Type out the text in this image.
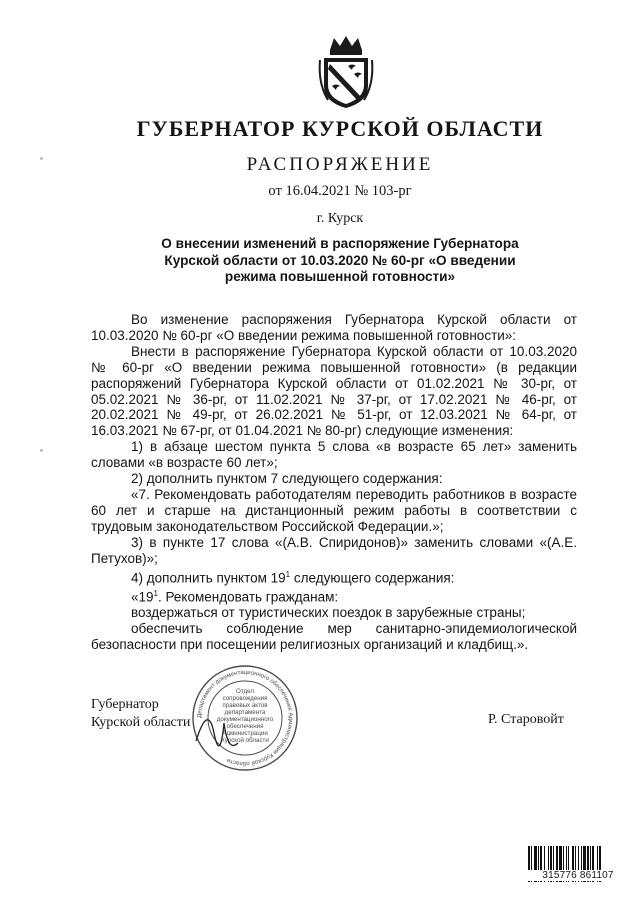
ГУБЕРНАТОР КУРСКОЙ ОБЛАСТИ
РАСПОРЯЖЕНИЕ
от 16.04.2021 № 103-рг
г. Курск
О внесении изменений в распоряжение Губернатора
Курской области от 10.03.2020 № 60-рг «О введении
режима повышенной готовности»

Во изменение распоряжения Губернатора Курской области от 10.03.2020 № 60-рг «О введении режима повышенной готовности»:

Внести в распоряжение Губернатора Курской области от 10.03.2020 № 60-рг «О введении режима повышенной готовности» (в редакции распоряжений Губернатора Курской области от 01.02.2021 № 30-рг, от 05.02.2021 № 36-рг, от 11.02.2021 № 37-рг, от 17.02.2021 № 46-рг, от 20.02.2021 № 49-рг, от 26.02.2021 № 51-рг, от 12.03.2021 № 64-рг, от 16.03.2021 № 67-рг, от 01.04.2021 № 80-рг) следующие изменения:

1) в абзаце шестом пункта 5 слова «в возрасте 65 лет» заменить словами «в возрасте 60 лет»;

2) дополнить пунктом 7 следующего содержания:

«7. Рекомендовать работодателям переводить работников в возрасте 60 лет и старше на дистанционный режим работы в соответствии с трудовым законодательством Российской Федерации.»;

3) в пункте 17 слова «(А.В. Спиридонов)» заменить словами «(А.Е. Петухов)»;

4) дополнить пунктом $19^1$ следующего содержания:

«$19^1$. Рекомендовать гражданам:

воздержаться от туристических поездок в зарубежные страны;

обеспечить соблюдение мер санитарно-эпидемиологической безопасности при посещении религиозных организаций и кладбищ.».

Губернатор
Курской области	Р. Старовойт
Департамент документационного обеспечения Администрации Курской области
Отдел
сопровождения
правовых актов
департамента
документационного
обеспечения
Администрации
Курской области
315776 861107
